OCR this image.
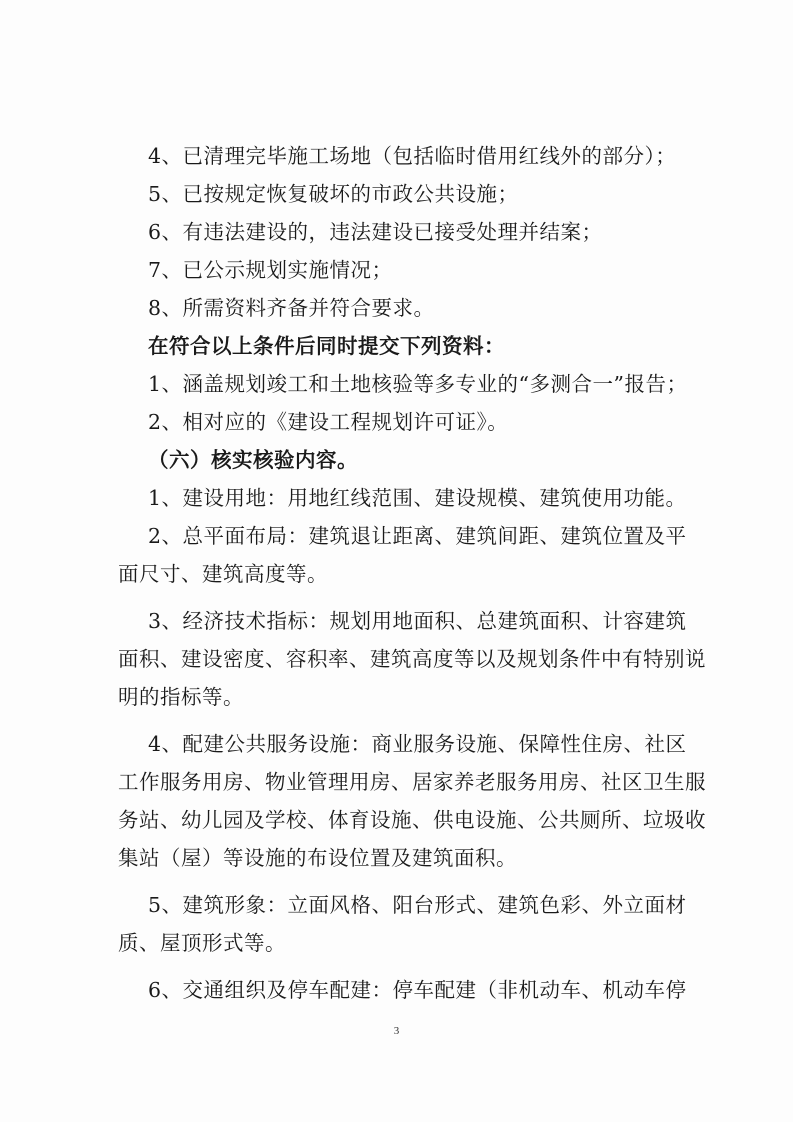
4、已清理完毕施工场地（包括临时借用红线外的部分）；

5、已按规定恢复破坏的市政公共设施；

6、有违法建设的，违法建设已接受处理并结案；

7、已公示规划实施情况；

8、所需资料齐备并符合要求。

在符合以上条件后同时提交下列资料：

1、涵盖规划竣工和土地核验等多专业的“多测合一”报告；

2、相对应的《建设工程规划许可证》。

（六）核实核验内容。

1、建设用地：用地红线范围、建设规模、建筑使用功能。

2、总平面布局：建筑退让距离、建筑间距、建筑位置及平

面尺寸、建筑高度等。

3、经济技术指标：规划用地面积、总建筑面积、计容建筑

面积、建设密度、容积率、建筑高度等以及规划条件中有特别说

明的指标等。

4、配建公共服务设施：商业服务设施、保障性住房、社区

工作服务用房、物业管理用房、居家养老服务用房、社区卫生服

务站、幼儿园及学校、体育设施、供电设施、公共厕所、垃圾收

集站（屋）等设施的布设位置及建筑面积。

5、建筑形象：立面风格、阳台形式、建筑色彩、外立面材

质、屋顶形式等。

6、交通组织及停车配建：停车配建（非机动车、机动车停

3
